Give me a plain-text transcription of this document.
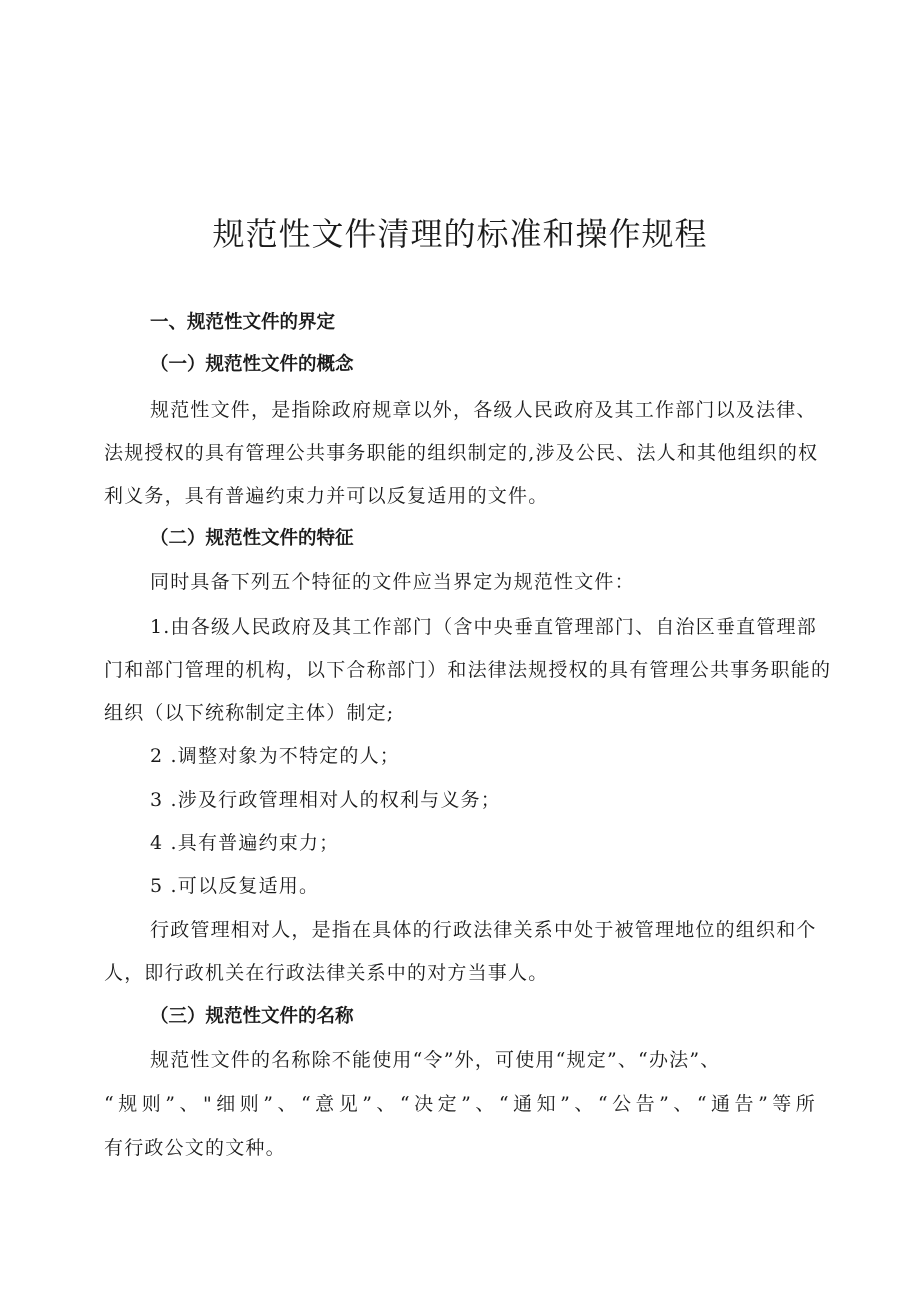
规范性文件清理的标准和操作规程

一、规范性文件的界定

（一）规范性文件的概念

规范性文件，是指除政府规章以外，各级人民政府及其工作部门以及法律、

法规授权的具有管理公共事务职能的组织制定的,涉及公民、法人和其他组织的权

利义务，具有普遍约束力并可以反复适用的文件。

（二）规范性文件的特征

同时具备下列五个特征的文件应当界定为规范性文件：

1.由各级人民政府及其工作部门（含中央垂直管理部门、自治区垂直管理部

门和部门管理的机构，以下合称部门）和法律法规授权的具有管理公共事务职能的

组织（以下统称制定主体）制定;

2 .调整对象为不特定的人；

3 .涉及行政管理相对人的权利与义务；

4 .具有普遍约束力；

5 .可以反复适用。

行政管理相对人，是指在具体的行政法律关系中处于被管理地位的组织和个

人，即行政机关在行政法律关系中的对方当事人。

（三）规范性文件的名称

规范性文件的名称除不能使用“令”外，可使用“规定”、“办法”、

“规则”、"细则”、“意见”、“决定”、“通知”、“公告”、“通告”等所

有行政公文的文种。
